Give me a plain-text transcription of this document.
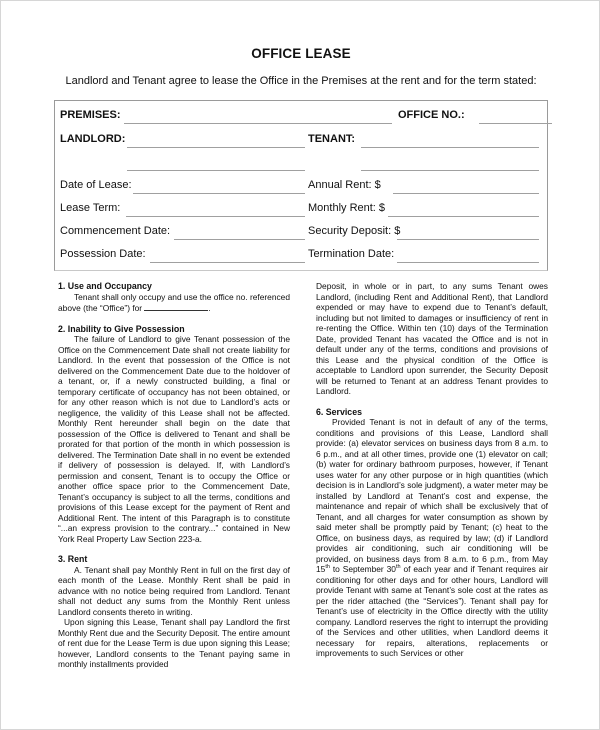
OFFICE LEASE
Landlord and Tenant agree to lease the Office in the Premises at the rent and for the term stated:
PREMISES:	OFFICE NO.:
LANDLORD:	TENANT:
Date of Lease:	Annual Rent: $
Lease Term:	Monthly Rent: $
Commencement Date:	Security Deposit: $
Possession Date:	Termination Date:

1. Use and Occupancy

Tenant shall only occupy and use the office no. referenced above (the “Office”) for	.

2. Inability to Give Possession

The failure of Landlord to give Tenant possession of the Office on the Commencement Date shall not create liability for Landlord. In the event that possession of the Office is not delivered on the Commencement Date due to the holdover of a tenant, or, if a newly constructed building, a final or temporary certificate of occupancy has not been obtained, or for any other reason which is not due to Landlord’s acts or negligence, the validity of this Lease shall not be affected. Monthly Rent hereunder shall begin on the date that possession of the Office is delivered to Tenant and shall be prorated for that portion of the month in which possession is delivered. The Termination Date shall in no event be extended if delivery of possession is delayed. If, with Landlord’s permission and consent, Tenant is to occupy the Office or another office space prior to the Commencement Date, Tenant’s occupancy is subject to all the terms, conditions and provisions of this Lease except for the payment of Rent and Additional Rent. The intent of this Paragraph is to constitute “...an express provision to the contrary...” contained in New York Real Property Law Section 223-a.

3. Rent

A. Tenant shall pay Monthly Rent in full on the first day of each month of the Lease. Monthly Rent shall be paid in advance with no notice being required from Landlord. Tenant shall not deduct any sums from the Monthly Rent unless Landlord consents thereto in writing.

Upon signing this Lease, Tenant shall pay Landlord the first Monthly Rent due and the Security Deposit. The entire amount of rent due for the Lease Term is due upon signing this Lease; however, Landlord consents to the Tenant paying same in monthly installments provided

Deposit, in whole or in part, to any sums Tenant owes Landlord, (including Rent and Additional Rent), that Landlord expended or may have to expend due to Tenant’s default, including but not limited to damages or insufficiency of rent in re-renting the Office. Within ten (10) days of the Termination Date, provided Tenant has vacated the Office and is not in default under any of the terms, conditions and provisions of this Lease and the physical condition of the Office is acceptable to Landlord upon surrender, the Security Deposit will be returned to Tenant at an address Tenant provides to Landlord.

6. Services

Provided Tenant is not in default of any of the terms, conditions and provisions of this Lease, Landlord shall provide: (a) elevator services on business days from 8 a.m. to 6 p.m., and at all other times, provide one (1) elevator on call; (b) water for ordinary bathroom purposes, however, if Tenant uses water for any other purpose or in high quantities (which decision is in Landlord’s sole judgment), a water meter may be installed by Landlord at Tenant’s cost and expense, the maintenance and repair of which shall be exclusively that of Tenant, and all charges for water consumption as shown by said meter shall be promptly paid by Tenant; (c) heat to the Office, on business days, as required by law; (d) if Landlord provides air conditioning, such air conditioning will be provided, on business days from 8 a.m. to 6 p.m., from May 15th to September 30th of each year and if Tenant requires air conditioning for other days and for other hours, Landlord will provide Tenant with same at Tenant’s sole cost at the rates as per the rider attached (the “Services”). Tenant shall pay for Tenant’s use of electricity in the Office directly with the utility company. Landlord reserves the right to interrupt the providing of the Services and other utilities, when Landlord deems it necessary for repairs, alterations, replacements or improvements to such Services or other
